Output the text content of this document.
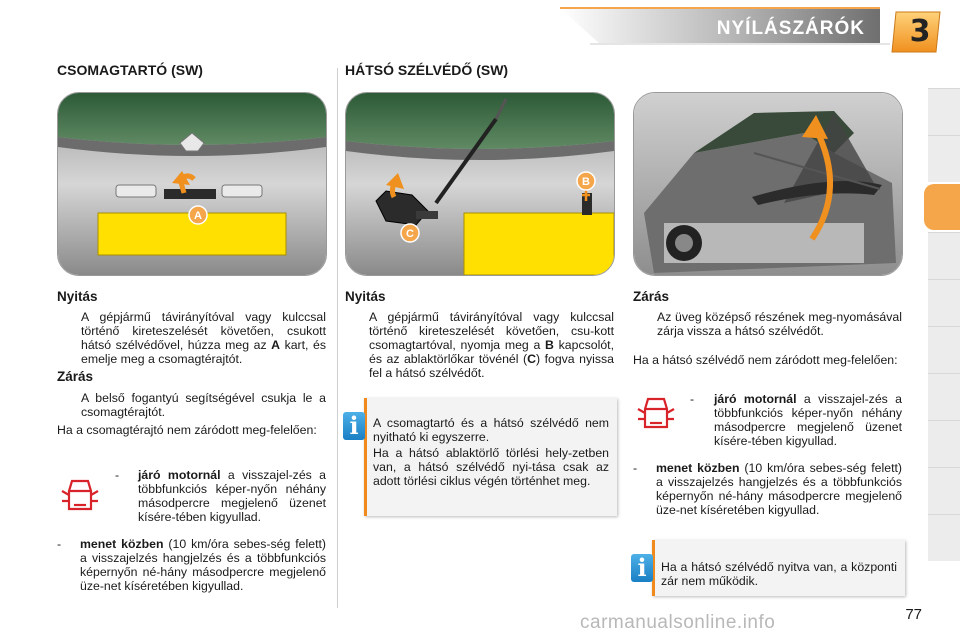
NYÍLÁSZÁRÓK	3
CSOMAGTARTÓ (SW)
A
Nyitás
A gépjármű távirányítóval vagy kulccsal történő kireteszelését követően, csukott hátsó szélvédővel, húzza meg az A kart, és emelje meg a csomagtérajtót.
Zárás
A belső fogantyú segítségével csukja le a csomagtérajtót.
Ha a csomagtérajtó nem záródott meg-felelően:
- járó motornál a visszajel-zés a többfunkciós képer-nyőn néhány másodpercre megjelenő üzenet kísére-tében kigyullad.
- menet közben (10 km/óra sebes-ség felett) a visszajelzés hangjelzés és a többfunkciós képernyőn né-hány másodpercre megjelenő üze-net kíséretében kigyullad.
HÁTSÓ SZÉLVÉDŐ (SW)
B
C
Nyitás
A gépjármű távirányítóval vagy kulccsal történő kireteszelését követően, csu-kott csomagtartóval, nyomja meg a B kapcsolót, és az ablaktörlőkar tövénél (C) fogva nyissa fel a hátsó szélvédőt.
A csomagtartó és a hátsó szélvédő nem nyitható ki egyszerre.
Ha a hátsó ablaktörlő törlési hely-zetben van, a hátsó szélvédő nyi-tása csak az adott törlési ciklus végén történhet meg.
i
Zárás
Az üveg középső részének meg-nyomásával zárja vissza a hátsó szélvédőt.
Ha a hátsó szélvédő nem záródott meg-felelően:
- járó motornál a visszajel-zés a többfunkciós képer-nyőn néhány másodpercre megjelenő üzenet kísére-tében kigyullad.
- menet közben (10 km/óra sebes-ség felett) a visszajelzés hangjelzés és a többfunkciós képernyőn né-hány másodpercre megjelenő üze-net kíséretében kigyullad.
Ha a hátsó szélvédő nyitva van, a központi zár nem működik.
i
77
carmanualsonline.info
